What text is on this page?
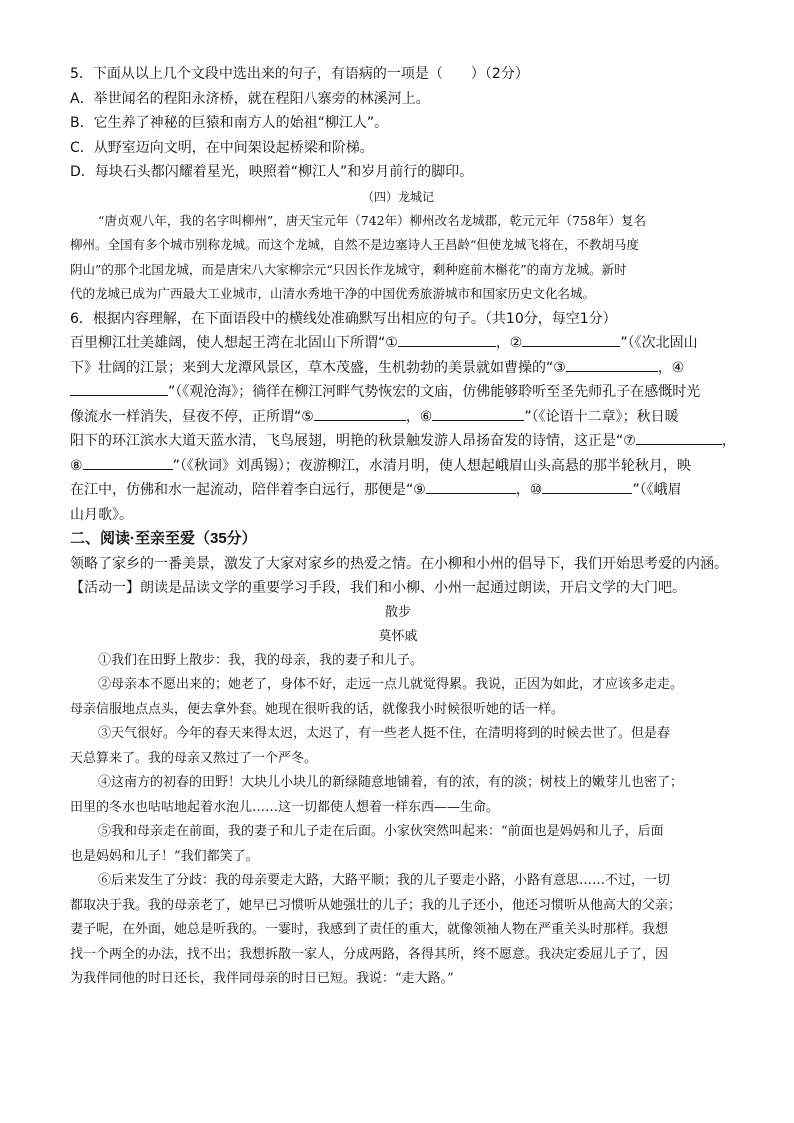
5．下面从以上几个文段中选出来的句子，有语病的一项是（　　）（2分）
A．举世闻名的程阳永济桥，就在程阳八寨旁的林溪河上。
B．它生养了神秘的巨猿和南方人的始祖“柳江人”。
C．从野室迈向文明，在中间架设起桥梁和阶梯。
D．每块石头都闪耀着星光，映照着“柳江人”和岁月前行的脚印。
（四）龙城记
“唐贞观八年，我的名字叫柳州”，唐天宝元年（742年）柳州改名龙城郡，乾元元年（758年）复名
柳州。全国有多个城市别称龙城。而这个龙城，自然不是边塞诗人王昌龄“但使龙城飞将在，不教胡马度
阴山”的那个北国龙城，而是唐宋八大家柳宗元“只因长作龙城守，剩种庭前木槲花”的南方龙城。新时
代的龙城已成为广西最大工业城市，山清水秀地干净的中国优秀旅游城市和国家历史文化名城。
6．根据内容理解，在下面语段中的横线处准确默写出相应的句子。（共10分，每空1分）
百里柳江壮美雄阔，使人想起王湾在北固山下所谓“①	，②	”（《次北固山
下》壮阔的江景；来到大龙潭风景区，草木茂盛，生机勃勃的美景就如曹操的“③	，④
”（《观沧海》；徜徉在柳江河畔气势恢宏的文庙，仿佛能够聆听至圣先师孔子在感慨时光
像流水一样消失，昼夜不停，正所谓“⑤	，⑥	”（《论语十二章》；秋日暖
阳下的环江滨水大道天蓝水清，飞鸟展翅，明艳的秋景触发游人昂扬奋发的诗情，这正是“⑦	，
⑧	”（《秋词》刘禹锡）；夜游柳江，水清月明，使人想起峨眉山头高悬的那半轮秋月，映
在江中，仿佛和水一起流动，陪伴着李白远行，那便是“⑨	，⑩	”（《峨眉
山月歌》。
二、阅读·至亲至爱（35分）
领略了家乡的一番美景，激发了大家对家乡的热爱之情。在小柳和小州的倡导下，我们开始思考爱的内涵。
【活动一】朗读是品读文学的重要学习手段，我们和小柳、小州一起通过朗读，开启文学的大门吧。
散步
莫怀戚
①我们在田野上散步：我，我的母亲，我的妻子和儿子。
②母亲本不愿出来的；她老了，身体不好，走远一点儿就觉得累。我说，正因为如此，才应该多走走。
母亲信服地点点头，便去拿外套。她现在很听我的话，就像我小时候很听她的话一样。
③天气很好。今年的春天来得太迟，太迟了，有一些老人挺不住，在清明将到的时候去世了。但是春
天总算来了。我的母亲又熬过了一个严冬。
④这南方的初春的田野！大块儿小块儿的新绿随意地铺着，有的浓，有的淡；树枝上的嫩芽儿也密了；
田里的冬水也咕咕地起着水泡儿……这一切都使人想着一样东西——生命。
⑤我和母亲走在前面，我的妻子和儿子走在后面。小家伙突然叫起来：“前面也是妈妈和儿子，后面
也是妈妈和儿子！”我们都笑了。
⑥后来发生了分歧：我的母亲要走大路，大路平顺；我的儿子要走小路，小路有意思……不过，一切
都取决于我。我的母亲老了，她早已习惯听从她强壮的儿子；我的儿子还小，他还习惯听从他高大的父亲；
妻子呢，在外面，她总是听我的。一霎时，我感到了责任的重大，就像领袖人物在严重关头时那样。我想
找一个两全的办法，找不出；我想拆散一家人，分成两路，各得其所，终不愿意。我决定委屈儿子了，因
为我伴同他的时日还长，我伴同母亲的时日已短。我说：“走大路。”
